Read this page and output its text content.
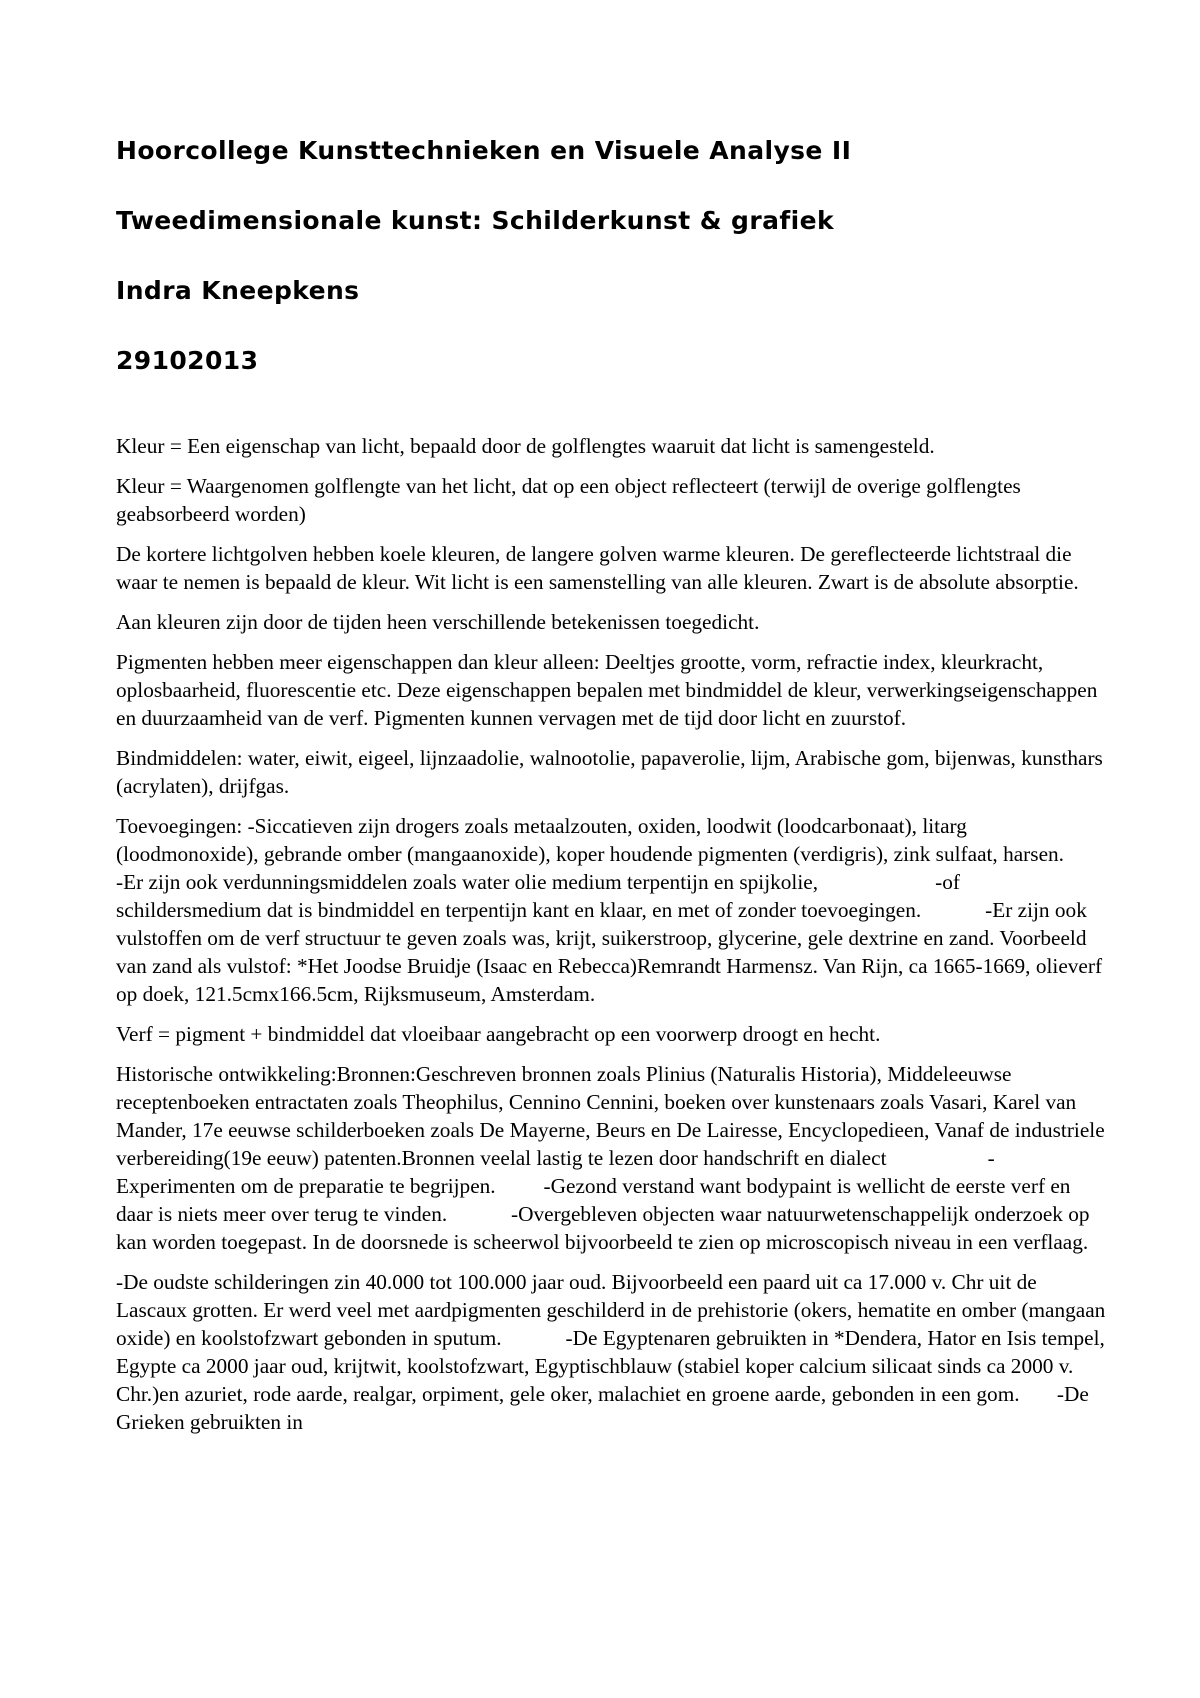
Hoorcollege Kunsttechnieken en Visuele Analyse II
Tweedimensionale kunst: Schilderkunst & grafiek
Indra Kneepkens
29102013

Kleur = Een eigenschap van licht, bepaald door de golflengtes waaruit dat licht is samengesteld.

Kleur = Waargenomen golflengte van het licht, dat op een object reflecteert (terwijl de overige golflengtes geabsorbeerd worden)

De kortere lichtgolven hebben koele kleuren, de langere golven warme kleuren. De gereflecteerde lichtstraal die waar te nemen is bepaald de kleur. Wit licht is een samenstelling van alle kleuren. Zwart is de absolute absorptie.

Aan kleuren zijn door de tijden heen verschillende betekenissen toegedicht.

Pigmenten hebben meer eigenschappen dan kleur alleen: Deeltjes grootte, vorm, refractie index, kleurkracht, oplosbaarheid, fluorescentie etc. Deze eigenschappen bepalen met bindmiddel de kleur, verwerkingseigenschappen en duurzaamheid van de verf. Pigmenten kunnen vervagen met de tijd door licht en zuurstof.

Bindmiddelen: water, eiwit, eigeel, lijnzaadolie, walnootolie, papaverolie, lijm, Arabische gom, bijenwas, kunsthars (acrylaten), drijfgas.

Toevoegingen: -Siccatieven zijn drogers zoals metaalzouten, oxiden, loodwit (loodcarbonaat), litarg (loodmonoxide), gebrande omber (mangaanoxide), koper houdende pigmenten (verdigris), zink sulfaat, harsen.            -Er zijn ook verdunningsmiddelen zoals water olie medium terpentijn en spijkolie,                      -of schildersmedium dat is bindmiddel en terpentijn kant en klaar, en met of zonder toevoegingen.            -Er zijn ook vulstoffen om de verf structuur te geven zoals was, krijt, suikerstroop, glycerine, gele dextrine en zand. Voorbeeld van zand als vulstof: *Het Joodse Bruidje (Isaac en Rebecca)Remrandt Harmensz. Van Rijn, ca 1665-1669, olieverf op doek, 121.5cmx166.5cm, Rijksmuseum, Amsterdam.

Verf = pigment + bindmiddel dat vloeibaar aangebracht op een voorwerp droogt en hecht.

Historische ontwikkeling:Bronnen:Geschreven bronnen zoals Plinius (Naturalis Historia), Middeleeuwse receptenboeken entractaten zoals Theophilus, Cennino Cennini, boeken over kunstenaars zoals Vasari, Karel van Mander, 17e eeuwse schilderboeken zoals De Mayerne, Beurs en De Lairesse, Encyclopedieen, Vanaf de industriele verbereiding(19e eeuw) patenten.Bronnen veelal lastig te lezen door handschrift en dialect                   -Experimenten om de preparatie te begrijpen.         -Gezond verstand want bodypaint is wellicht de eerste verf en daar is niets meer over terug te vinden.            -Overgebleven objecten waar natuurwetenschappelijk onderzoek op kan worden toegepast. In de doorsnede is scheerwol bijvoorbeeld te zien op microscopisch niveau in een verflaag.

-De oudste schilderingen zin 40.000 tot 100.000 jaar oud. Bijvoorbeeld een paard uit ca 17.000 v. Chr uit de Lascaux grotten. Er werd veel met aardpigmenten geschilderd in de prehistorie (okers, hematite en omber (mangaan oxide) en koolstofzwart gebonden in sputum.            -De Egyptenaren gebruikten in *Dendera, Hator en Isis tempel, Egypte ca 2000 jaar oud, krijtwit, koolstofzwart, Egyptischblauw (stabiel koper calcium silicaat sinds ca 2000 v. Chr.)en azuriet, rode aarde, realgar, orpiment, gele oker, malachiet en groene aarde, gebonden in een gom.       -De Grieken gebruikten in
